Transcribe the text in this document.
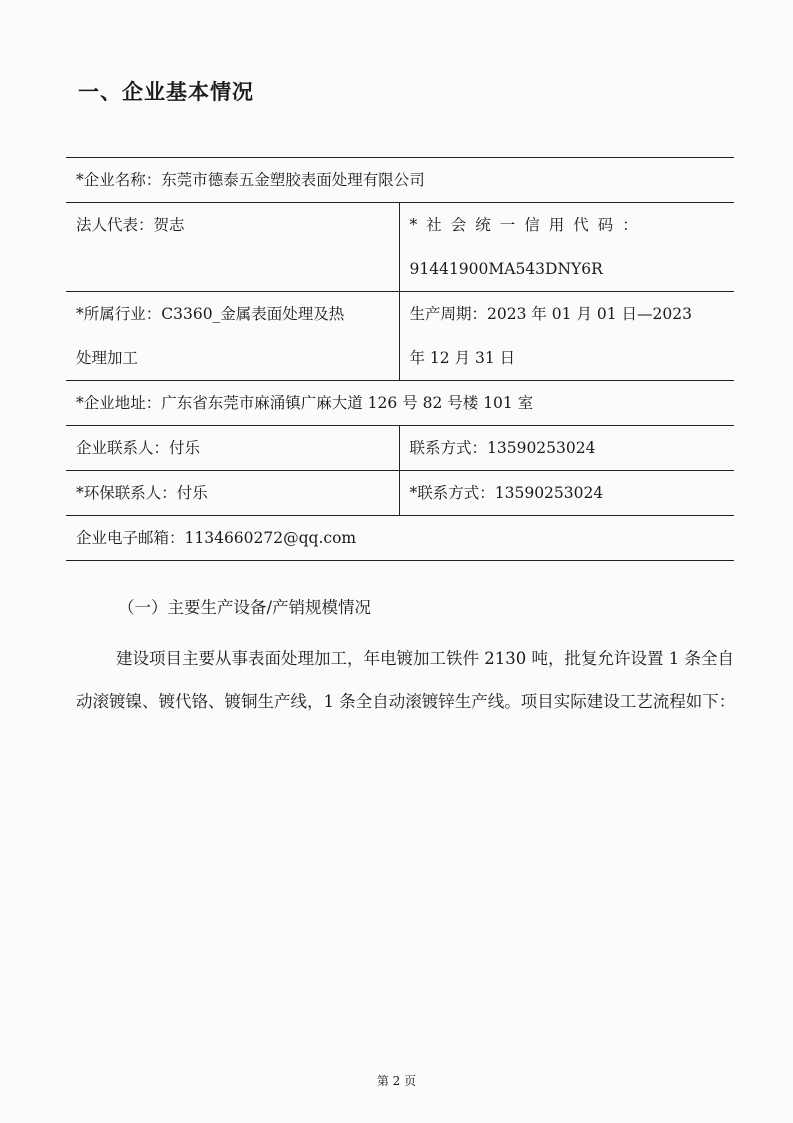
一、企业基本情况
*企业名称：东莞市德泰五金塑胶表面处理有限公司	

法人代表：贺志	*社会统一信用代码：
91441900MA543DNY6R

*所属行业：C3360_金属表面处理及热
处理加工	生产周期：2023 年 01 月 01 日—2023
年 12 月 31 日

*企业地址：广东省东莞市麻涌镇广麻大道 126 号 82 号楼 101 室	

企业联系人：付乐	联系方式：13590253024

*环保联系人：付乐	*联系方式：13590253024

企业电子邮箱：1134660272@qq.com	
（一）主要生产设备/产销规模情况
建设项目主要从事表面处理加工，年电镀加工铁件 2130 吨，批复允许设置 1 条全自动滚镀镍、镀代铬、镀铜生产线，1 条全自动滚镀锌生产线。项目实际建设工艺流程如下：
第 2 页
